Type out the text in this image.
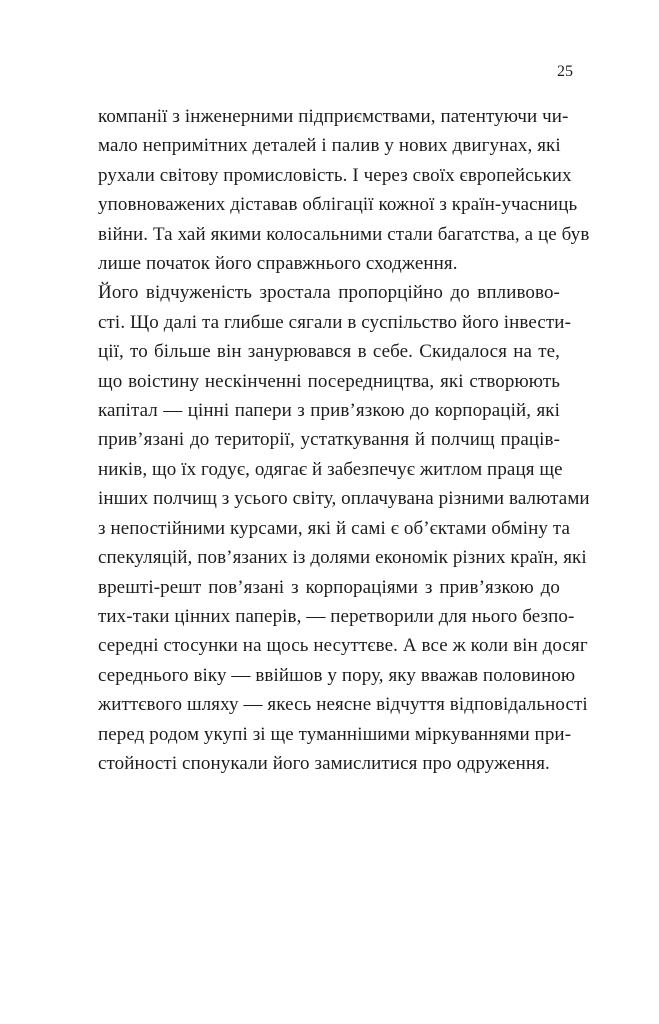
25

компанії з інженерними підприємствами, патентуючи чи-
мало непримітних деталей і палив у нових двигунах, які
рухали світову промисловість. І через своїх європейських
уповноважених діставав облігації кожної з країн-учасниць
війни. Та хай якими колосальними стали багатства, а це був
лише початок його справжнього сходження.

Його відчуженість зростала пропорційно до впливово-
сті. Що далі та глибше сягали в суспільство його інвести-
ції, то більше він занурювався в себе. Скидалося на те,
що воістину нескінченні посередництва, які створюють
капітал — цінні папери з прив’язкою до корпорацій, які
прив’язані до території, устаткування й полчищ праців-
ників, що їх годує, одягає й забезпечує житлом праця ще
інших полчищ з усього світу, оплачувана різними валютами
з непостійними курсами, які й самі є об’єктами обміну та
спекуляцій, пов’язаних із долями економік різних країн, які
врешті-решт пов’язані з корпораціями з прив’язкою до
тих-таки цінних паперів, — перетворили для нього безпо-
середні стосунки на щось несуттєве. А все ж коли він досяг
середнього віку — ввійшов у пору, яку вважав половиною
життєвого шляху — якесь неясне відчуття відповідальності
перед родом укупі зі ще туманнішими міркуваннями при-
стойності спонукали його замислитися про одруження.
